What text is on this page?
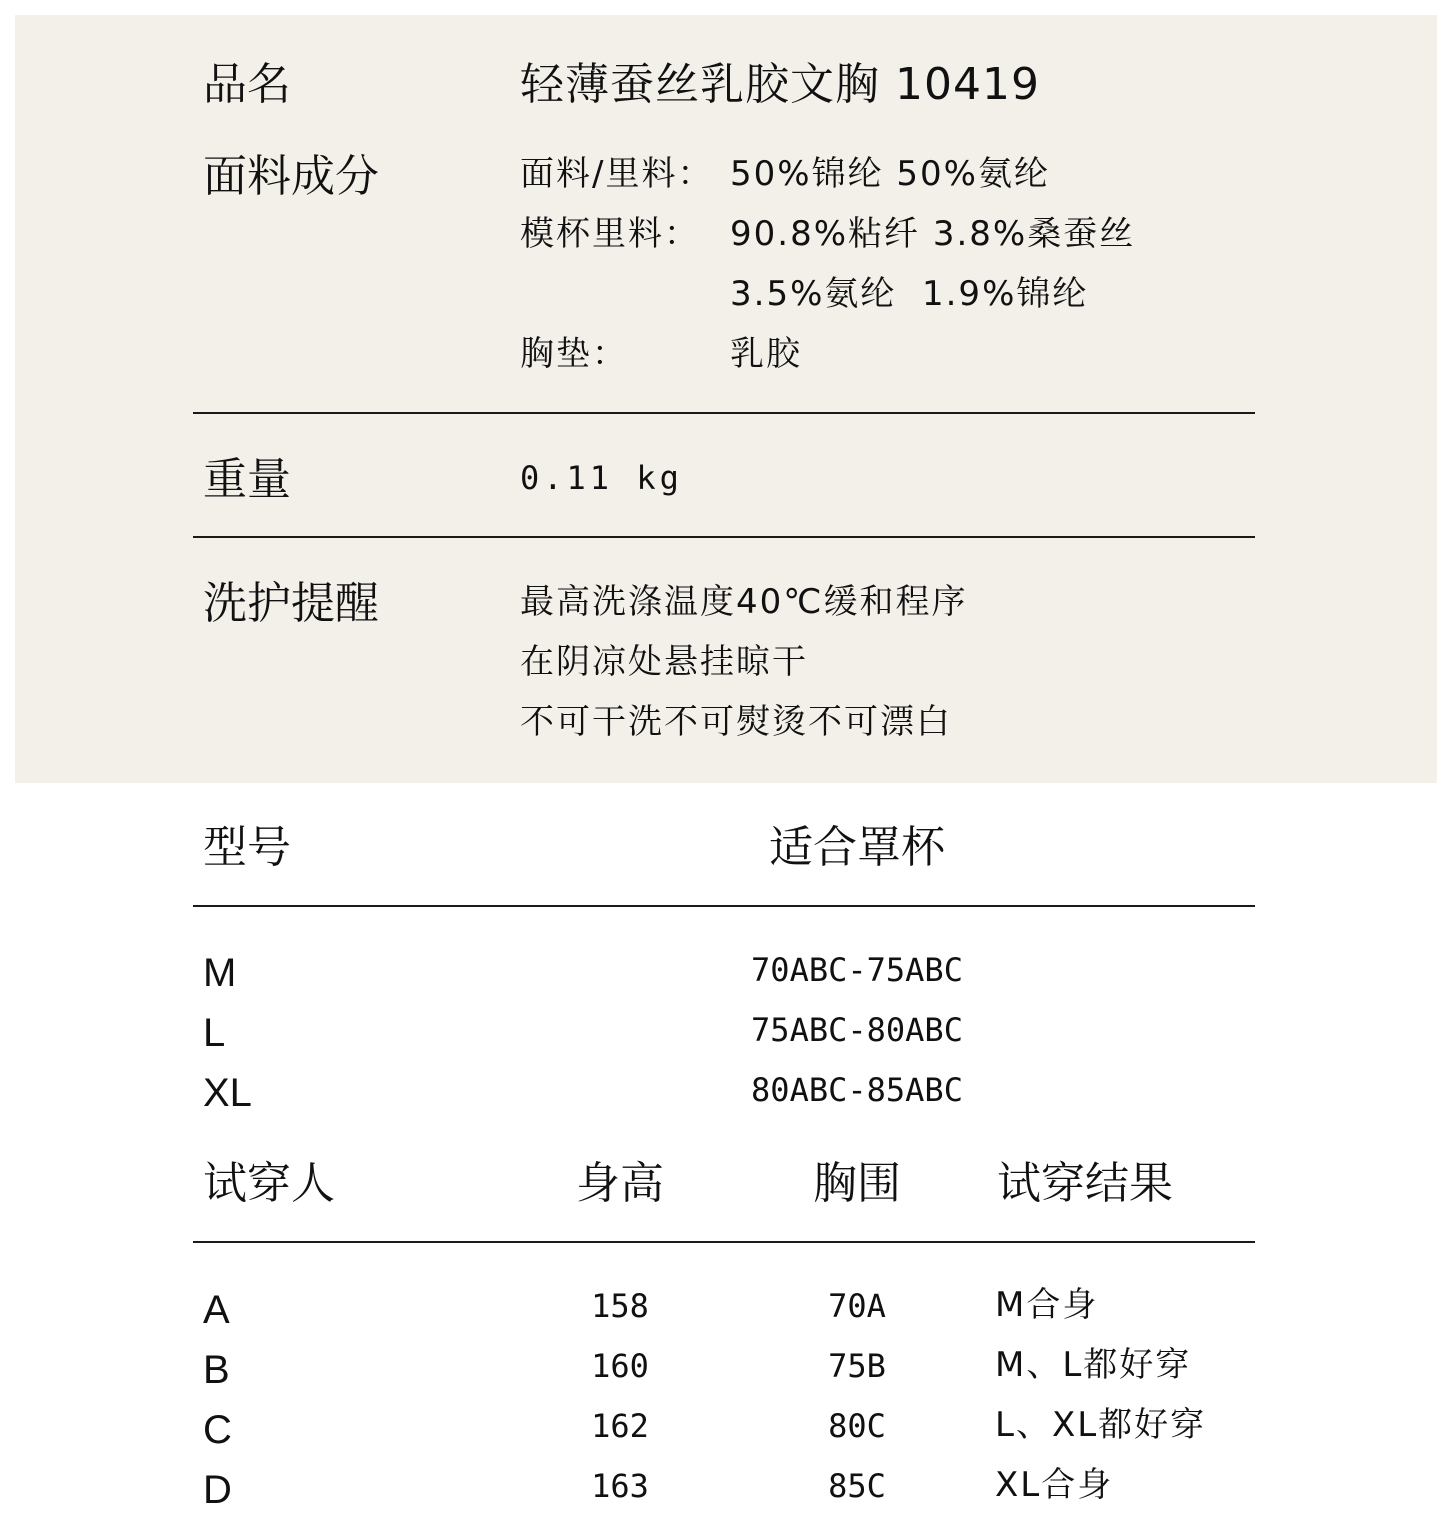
品名	轻薄蚕丝乳胶文胸 10419
面料成分	面料/里料： 50%锦纶 50%氨纶
模杯里料： 90.8%粘纤 3.8%桑蚕丝
3.5%氨纶  1.9%锦纶
胸垫：	乳胶
重量	0.11 kg
洗护提醒	最高洗涤温度40℃缓和程序
在阴凉处悬挂晾干
不可干洗不可熨烫不可漂白
型号	适合罩杯
M	70ABC-75ABC
L	75ABC-80ABC
XL	80ABC-85ABC
试穿人	身高	胸围 试穿结果
A	158	70A	M合身
B	160	75B	M、L都好穿
C	162	80C	L、XL都好穿
D	163	85C	XL合身
